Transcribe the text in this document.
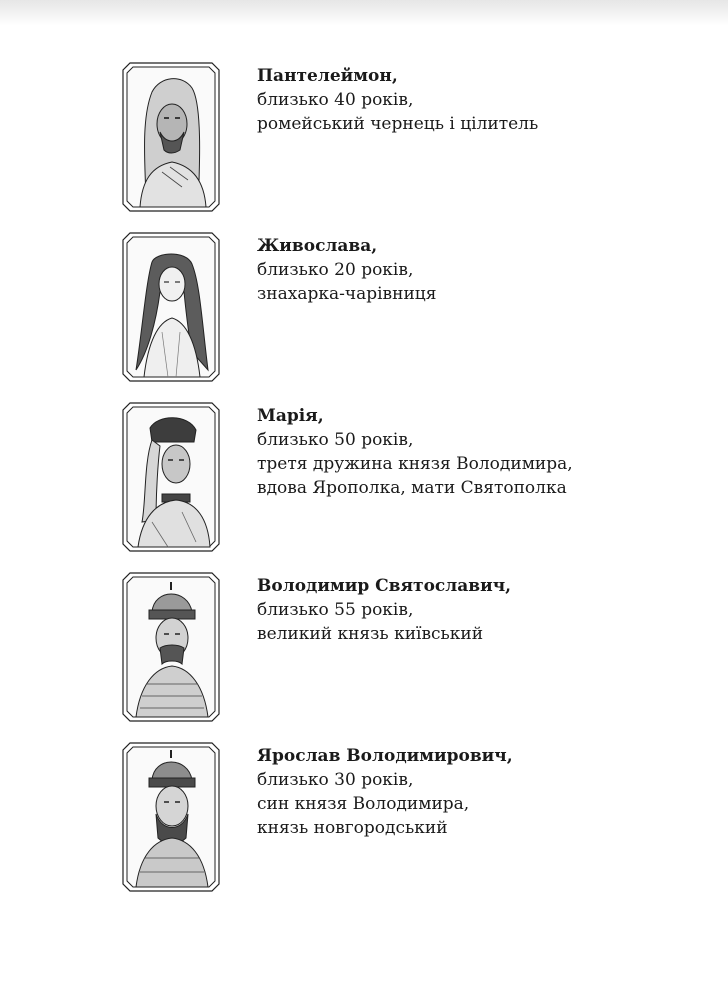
Пантелеймон,
близько 40 років,
ромейський чернець і цілитель
Живослава,
близько 20 років,
знахарка-чарівниця
Марія,
близько 50 років,
третя дружина князя Володимира,
вдова Ярополка, мати Святополка
Володимир Святославич,
близько 55 років,
великий князь київський
Ярослав Володимирович,
близько 30 років,
син князя Володимира,
князь новгородський
